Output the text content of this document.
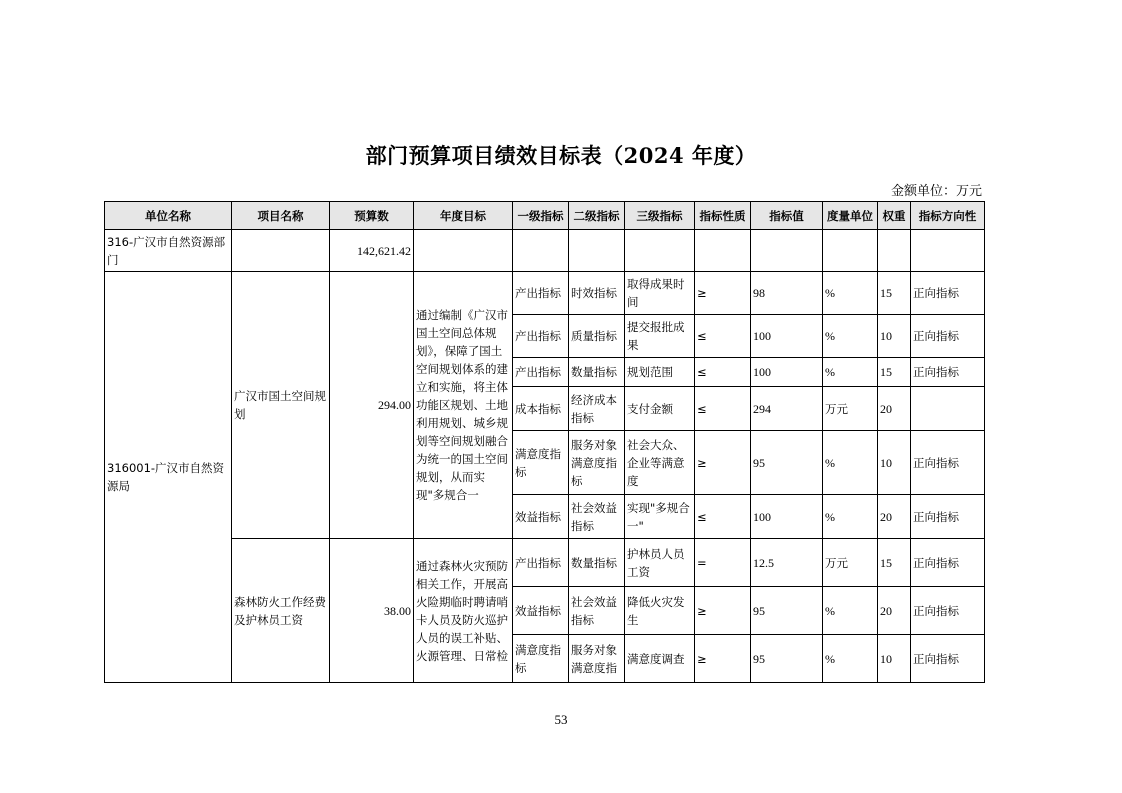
部门预算项目绩效目标表（2024 年度）
金额单位：万元
单位名称	项目名称	预算数	年度目标	一级指标	二级指标	三级指标	指标性质	指标值	度量单位	权重	指标方向性
316-广汉市自然资源部门		142,621.42									
316001-广汉市自然资源局	广汉市国土空间规划	294.00	通过编制《广汉市国土空间总体规划》，保障了国土空间规划体系的建立和实施，将主体功能区规划、土地利用规划、城乡规划等空间规划融合为统一的国土空间规划，从而实现"多规合一	产出指标	时效指标	取得成果时间	≥	98	%	15	正向指标
				产出指标	质量指标	提交报批成果	≤	100	%	10	正向指标
				产出指标	数量指标	规划范围	≤	100	%	15	正向指标
				成本指标	经济成本指标	支付金额	≤	294	万元	20	
				满意度指标	服务对象满意度指标	社会大众、企业等满意度	≥	95	%	10	正向指标
				效益指标	社会效益指标	实现"多规合一"	≤	100	%	20	正向指标
	森林防火工作经费及护林员工资	38.00	通过森林火灾预防相关工作，开展高火险期临时聘请哨卡人员及防火巡护人员的误工补贴、火源管理、日常检	产出指标	数量指标	护林员人员工资	=	12.5	万元	15	正向指标
				效益指标	社会效益指标	降低火灾发生	≥	95	%	20	正向指标
				满意度指标	服务对象满意度指	满意度调查	≥	95	%	10	正向指标
53
